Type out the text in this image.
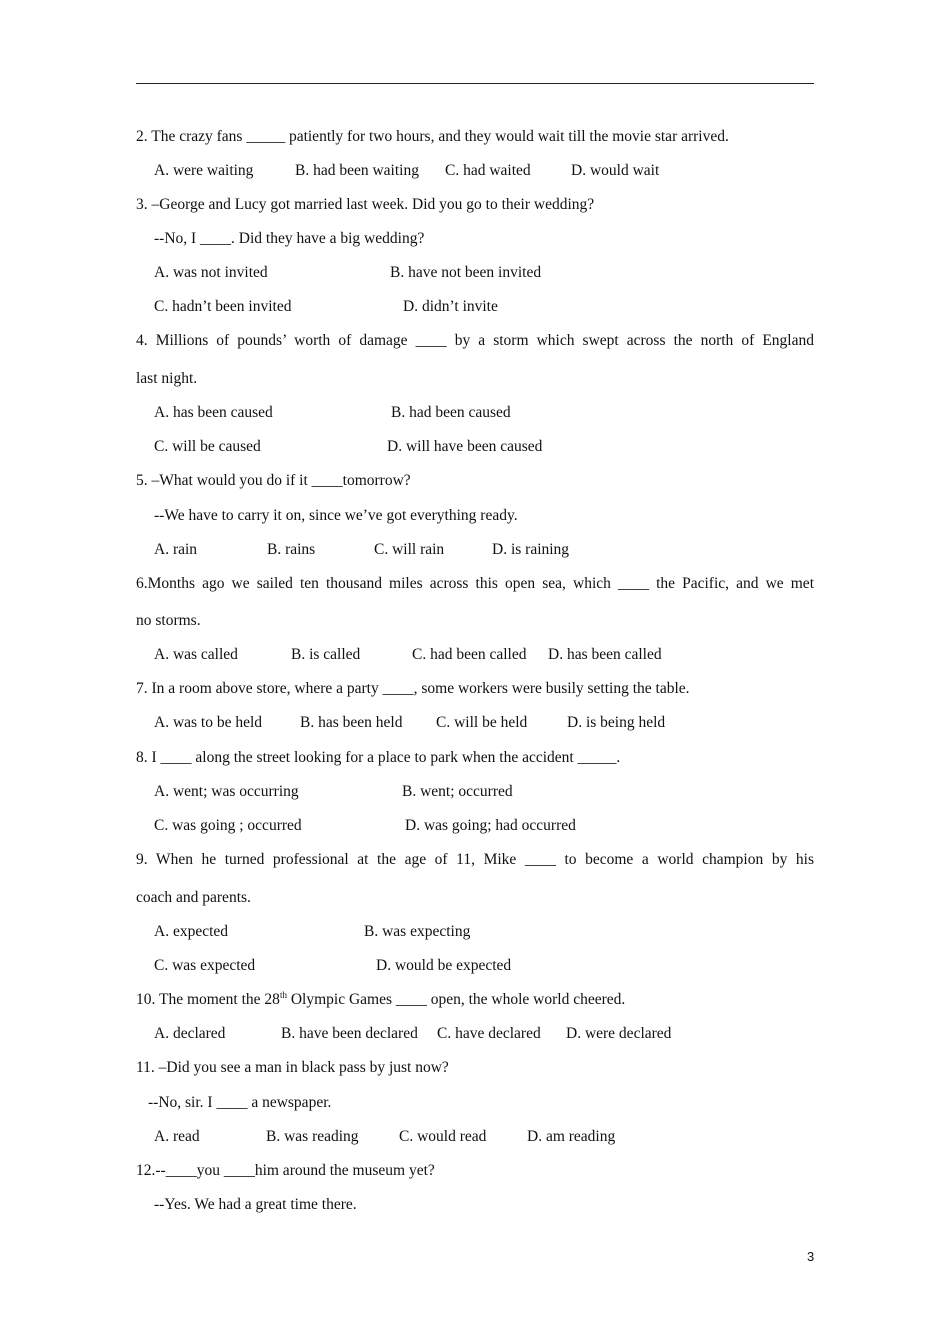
2. The crazy fans _____ patiently for two hours, and they would wait till the movie star arrived.
A. were waiting	B. had been waiting C. had waited	D. would wait
3. –George and Lucy got married last week. Did you go to their wedding?
--No, I ____. Did they have a big wedding?
A. was not invited	B. have not been invited
C. hadn’t been invited	D. didn’t invite
4. Millions of pounds’ worth of damage ____ by a storm which swept across the north of England
last night.
A. has been caused	B. had been caused
C. will be caused	D. will have been caused
5. –What would you do if it ____tomorrow?
--We have to carry it on, since we’ve got everything ready.
A. rain	B. rains	C. will rain	D. is raining
6.Months ago we sailed ten thousand miles across this open sea, which ____ the Pacific, and we met
no storms.
A. was called	B. is called	C. had been called D. has been called
7. In a room above store, where a party ____, some workers were busily setting the table.
A. was to be held B. has been held C. will be held	D. is being held
8. I ____ along the street looking for a place to park when the accident _____.
A. went; was occurring	B. went; occurred
C. was going ; occurred	D. was going; had occurred
9. When he turned professional at the age of 11, Mike ____ to become a world champion by his
coach and parents.
A. expected	B. was expecting
C. was expected	D. would be expected
10. The moment the 28th Olympic Games ____ open, the whole world cheered.
A. declared	B. have been declared C. have declared D. were declared
11. –Did you see a man in black pass by just now?
--No, sir. I ____ a newspaper.
A. read	B. was reading	C. would read	D. am reading
12.--____you ____him around the museum yet?
--Yes. We had a great time there.
3
